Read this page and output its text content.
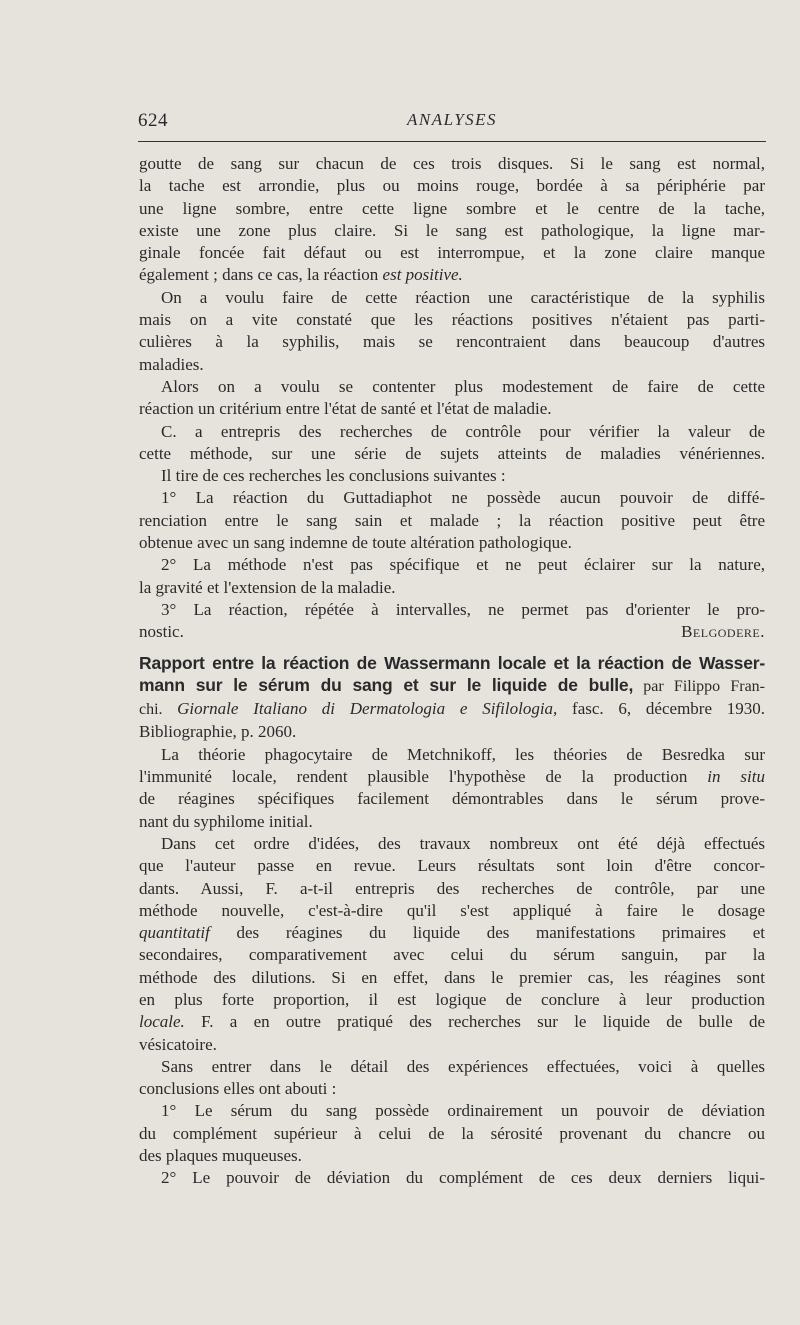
624	ANALYSES
goutte de sang sur chacun de ces trois disques. Si le sang est normal,
la tache est arrondie, plus ou moins rouge, bordée à sa périphérie par
une ligne sombre, entre cette ligne sombre et le centre de la tache,
existe une zone plus claire. Si le sang est pathologique, la ligne mar-
ginale foncée fait défaut ou est interrompue, et la zone claire manque
également ; dans ce cas, la réaction est positive.
On a voulu faire de cette réaction une caractéristique de la syphilis
mais on a vite constaté que les réactions positives n'étaient pas parti-
culières à la syphilis, mais se rencontraient dans beaucoup d'autres
maladies.
Alors on a voulu se contenter plus modestement de faire de cette
réaction un critérium entre l'état de santé et l'état de maladie.
C. a entrepris des recherches de contrôle pour vérifier la valeur de
cette méthode, sur une série de sujets atteints de maladies vénériennes.
Il tire de ces recherches les conclusions suivantes :
1° La réaction du Guttadiaphot ne possède aucun pouvoir de diffé-
renciation entre le sang sain et malade ; la réaction positive peut être
obtenue avec un sang indemne de toute altération pathologique.
2° La méthode n'est pas spécifique et ne peut éclairer sur la nature,
la gravité et l'extension de la maladie.
3° La réaction, répétée à intervalles, ne permet pas d'orienter le pro-
nostic.	Belgodere.
Rapport entre la réaction de Wassermann locale et la réaction de Wasser-
mann sur le sérum du sang et sur le liquide de bulle, par Filippo Fran-
chi. Giornale Italiano di Dermatologia e Sifilologia, fasc. 6, décembre 1930.
Bibliographie, p. 2060.
La théorie phagocytaire de Metchnikoff, les théories de Besredka sur
l'immunité locale, rendent plausible l'hypothèse de la production in situ
de réagines spécifiques facilement démontrables dans le sérum prove-
nant du syphilome initial.
Dans cet ordre d'idées, des travaux nombreux ont été déjà effectués
que l'auteur passe en revue. Leurs résultats sont loin d'être concor-
dants. Aussi, F. a-t-il entrepris des recherches de contrôle, par une
méthode nouvelle, c'est-à-dire qu'il s'est appliqué à faire le dosage
quantitatif des réagines du liquide des manifestations primaires et
secondaires, comparativement avec celui du sérum sanguin, par la
méthode des dilutions. Si en effet, dans le premier cas, les réagines sont
en plus forte proportion, il est logique de conclure à leur production
locale. F. a en outre pratiqué des recherches sur le liquide de bulle de
vésicatoire.
Sans entrer dans le détail des expériences effectuées, voici à quelles
conclusions elles ont abouti :
1° Le sérum du sang possède ordinairement un pouvoir de déviation
du complément supérieur à celui de la sérosité provenant du chancre ou
des plaques muqueuses.
2° Le pouvoir de déviation du complément de ces deux derniers liqui-
